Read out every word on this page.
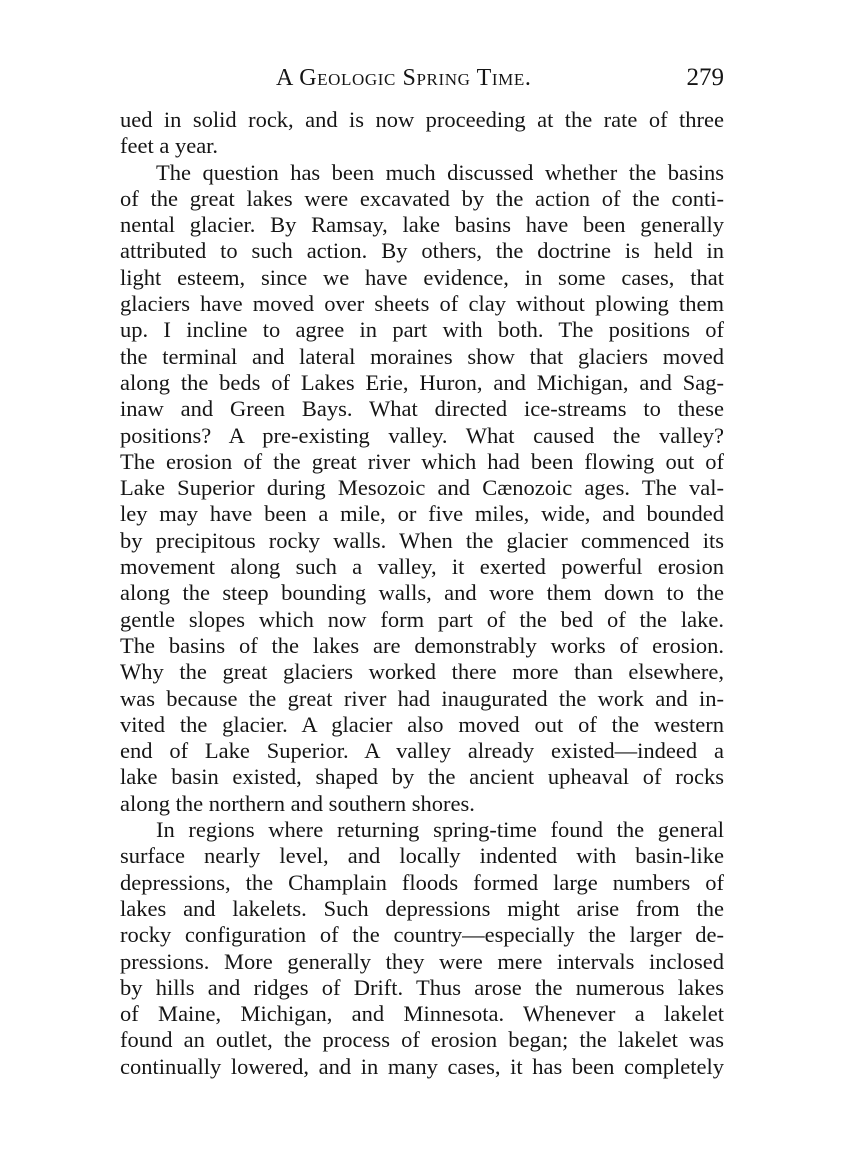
A Geologic Spring Time.	279
ued in solid rock, and is now proceeding at the rate of three
feet a year.
The question has been much discussed whether the basins
of the great lakes were excavated by the action of the conti-
nental glacier. By Ramsay, lake basins have been generally
attributed to such action. By others, the doctrine is held in
light esteem, since we have evidence, in some cases, that
glaciers have moved over sheets of clay without plowing them
up. I incline to agree in part with both. The positions of
the terminal and lateral moraines show that glaciers moved
along the beds of Lakes Erie, Huron, and Michigan, and Sag-
inaw and Green Bays. What directed ice-streams to these
positions? A pre-existing valley. What caused the valley?
The erosion of the great river which had been flowing out of
Lake Superior during Mesozoic and Cænozoic ages. The val-
ley may have been a mile, or five miles, wide, and bounded
by precipitous rocky walls. When the glacier commenced its
movement along such a valley, it exerted powerful erosion
along the steep bounding walls, and wore them down to the
gentle slopes which now form part of the bed of the lake.
The basins of the lakes are demonstrably works of erosion.
Why the great glaciers worked there more than elsewhere,
was because the great river had inaugurated the work and in-
vited the glacier. A glacier also moved out of the western
end of Lake Superior. A valley already existed—indeed a
lake basin existed, shaped by the ancient upheaval of rocks
along the northern and southern shores.
In regions where returning spring-time found the general
surface nearly level, and locally indented with basin-like
depressions, the Champlain floods formed large numbers of
lakes and lakelets. Such depressions might arise from the
rocky configuration of the country—especially the larger de-
pressions. More generally they were mere intervals inclosed
by hills and ridges of Drift. Thus arose the numerous lakes
of Maine, Michigan, and Minnesota. Whenever a lakelet
found an outlet, the process of erosion began; the lakelet was
continually lowered, and in many cases, it has been completely
